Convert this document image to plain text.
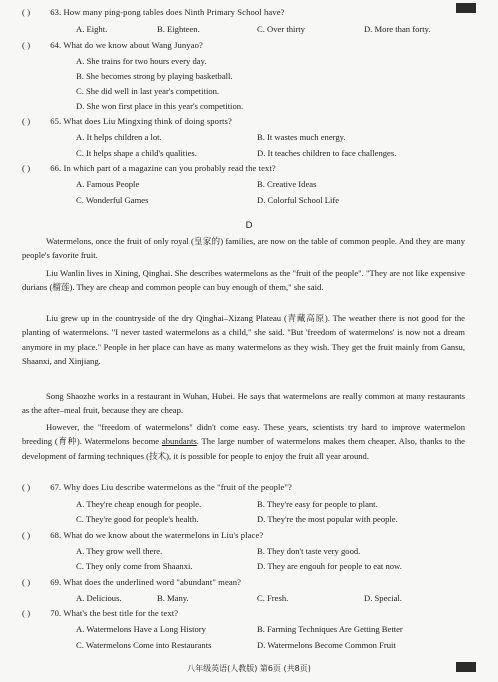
( ) 63. How many ping-pong tables does Ninth Primary School have?
A. Eight.	B. Eighteen.	C. Over thirty	D. More than forty.
( ) 64. What do we know about Wang Junyao?
A. She trains for two hours every day.
B. She becomes strong by playing basketball.
C. She did well in last year's competition.
D. She won first place in this year's competition.
( ) 65. What does Liu Mingxing think of doing sports?
A. It helps children a lot.	B. It wastes much energy.
C. It helps shape a child's qualities.	D. It teaches children to face challenges.
( ) 66. In which part of a magazine can you probably read the text?
A. Famous People	B. Creative Ideas
C. Wonderful Games	D. Colorful School Life
D

Watermelons, once the fruit of only royal (皇家的) families, are now on the table of common people. And they are many people's favorite fruit.

Liu Wanlin lives in Xining, Qinghai. She describes watermelons as the "fruit of the people". "They are not like expensive durians (榴莲). They are cheap and common people can buy enough of them," she said.

Liu grew up in the countryside of the dry Qinghai–Xizang Plateau (青藏高原). The weather there is not good for the planting of watermelons. "I never tasted watermelons as a child," she said. "But 'freedom of watermelons' is now not a dream anymore in my place." People in her place can have as many watermelons as they wish. They get the fruit mainly from Gansu, Shaanxi, and Xinjiang.

Song Shaozhe works in a restaurant in Wuhan, Hubei. He says that watermelons are really common at many restaurants as the after–meal fruit, because they are cheap.

However, the "freedom of watermelons" didn't come easy. These years, scientists try hard to improve watermelon breeding (育种). Watermelons become abundants. The large number of watermelons makes them cheaper. Also, thanks to the development of farming techniques (技术), it is possible for people to enjoy the fruit all year around.

( ) 67. Why does Liu describe watermelons as the "fruit of the people"?
A. They're cheap enough for people.	B. They're easy for people to plant.
C. They're good for people's health.	D. They're the most popular with people.
( ) 68. What do we know about the watermelons in Liu's place?
A. They grow well there.	B. They don't taste very good.
C. They only come from Shaanxi.	D. They are engouh for people to eat now.
( ) 69. What does the underlined word "abundant" mean?
A. Delicious.	B. Many.	C. Fresh.	D. Special.
( ) 70. What's the best title for the text?
A. Watermelons Have a Long History	B. Farming Techniques Are Getting Better
C. Watermelons Come into Restaurants	D. Watermelons Become Common Fruit
八年级英语(人教版) 第6页 (共8页)
